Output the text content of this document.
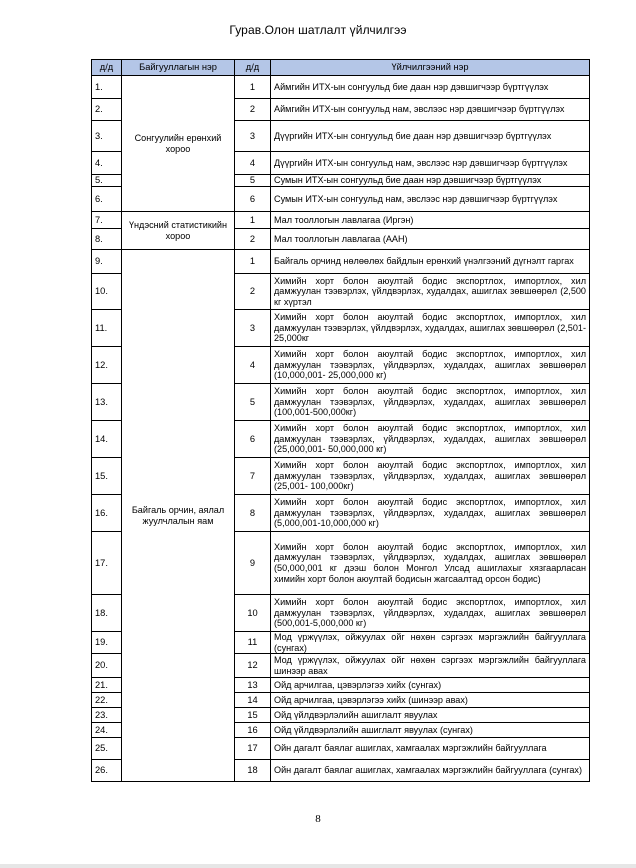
Гурав.Олон шатлалт үйлчилгээ
д/д	Байгууллагын нэр	д/д	Үйлчилгээний нэр
1.	Сонгуулийн ерөнхий хороо	1	Аймгийн ИТХ-ын сонгуульд бие даан нэр дэвшигчээр бүртгүүлэх
2.		2	Аймгийн ИТХ-ын сонгуульд нам, эвслээс нэр дэвшигчээр бүртгүүлэх
3.		3	Дүүргийн ИТХ-ын сонгуульд бие даан нэр дэвшигчээр бүртгүүлэх
4.		4	Дүүргийн ИТХ-ын сонгуульд нам, эвслээс нэр дэвшигчээр бүртгүүлэх
5.		5	Сумын ИТХ-ын сонгуульд бие даан нэр дэвшигчээр бүртгүүлэх
6.		6	Сумын ИТХ-ын сонгуульд нам, эвслээс нэр дэвшигчээр бүртгүүлэх
7.	Үндэсний статистикийн хороо	1	Мал тооллогын лавлагаа (Иргэн)
8.		2	Мал тооллогын лавлагаа (ААН)
9.	Байгаль орчин, аялал жуулчлалын яам	1	Байгаль орчинд нөлөөлөх байдлын ерөнхий үнэлгээний дүгнэлт гаргах
10.		2	Химийн хорт болон аюултай бодис экспортлох, импортлох, хил дамжуулан тээвэрлэх, үйлдвэрлэх, худалдах, ашиглах зөвшөөрөл (2,500 кг хүртэл
11.		3	Химийн хорт болон аюултай бодис экспортлох, импортлох, хил дамжуулан тээвэрлэх, үйлдвэрлэх, худалдах, ашиглах зөвшөөрөл (2,501- 25,000кг
12.		4	Химийн хорт болон аюултай бодис экспортлох, импортлох, хил дамжуулан тээвэрлэх, үйлдвэрлэх, худалдах, ашиглах зөвшөөрөл (10,000,001- 25,000,000 кг)
13.		5	Химийн хорт болон аюултай бодис экспортлох, импортлох, хил дамжуулан тээвэрлэх, үйлдвэрлэх, худалдах, ашиглах зөвшөөрөл (100,001-500,000кг)
14.		6	Химийн хорт болон аюултай бодис экспортлох, импортлох, хил дамжуулан тээвэрлэх, үйлдвэрлэх, худалдах, ашиглах зөвшөөрөл (25,000,001- 50,000,000 кг)
15.		7	Химийн хорт болон аюултай бодис экспортлох, импортлох, хил дамжуулан тээвэрлэх, үйлдвэрлэх, худалдах, ашиглах зөвшөөрөл (25,001- 100,000кг)
16.		8	Химийн хорт болон аюултай бодис экспортлох, импортлох, хил дамжуулан тээвэрлэх, үйлдвэрлэх, худалдах, ашиглах зөвшөөрөл (5,000,001-10,000,000 кг)
17.		9	Химийн хорт болон аюултай бодис экспортлох, импортлох, хил дамжуулан тээвэрлэх, үйлдвэрлэх, худалдах, ашиглах зөвшөөрөл (50,000,001 кг дээш болон Монгол Улсад ашиглахыг хязгаарласан химийн хорт болон аюултай бодисын жагсаалтад орсон бодис)
18.		10	Химийн хорт болон аюултай бодис экспортлох, импортлох, хил дамжуулан тээвэрлэх, үйлдвэрлэх, худалдах, ашиглах зөвшөөрөл (500,001-5,000,000 кг)
19.		11	Мод үржүүлэх, ойжуулах ойг нөхөн сэргээх мэргэжлийн байгууллага (сунгах)
20.		12	Мод үржүүлэх, ойжуулах ойг нөхөн сэргээх мэргэжлийн байгууллага шинээр авах
21.		13	Ойд арчилгаа, цэвэрлэгээ хийх (сунгах)
22.		14	Ойд арчилгаа, цэвэрлэгээ хийх (шинээр авах)
23.		15	Ойд үйлдвэрлэлийн ашиглалт явуулах
24.		16	Ойд үйлдвэрлэлийн ашиглалт явуулах (сунгах)
25.		17	Ойн дагалт баялаг ашиглах, хамгаалах мэргэжлийн байгууллага
26.		18	Ойн дагалт баялаг ашиглах, хамгаалах мэргэжлийн байгууллага (сунгах)
8
